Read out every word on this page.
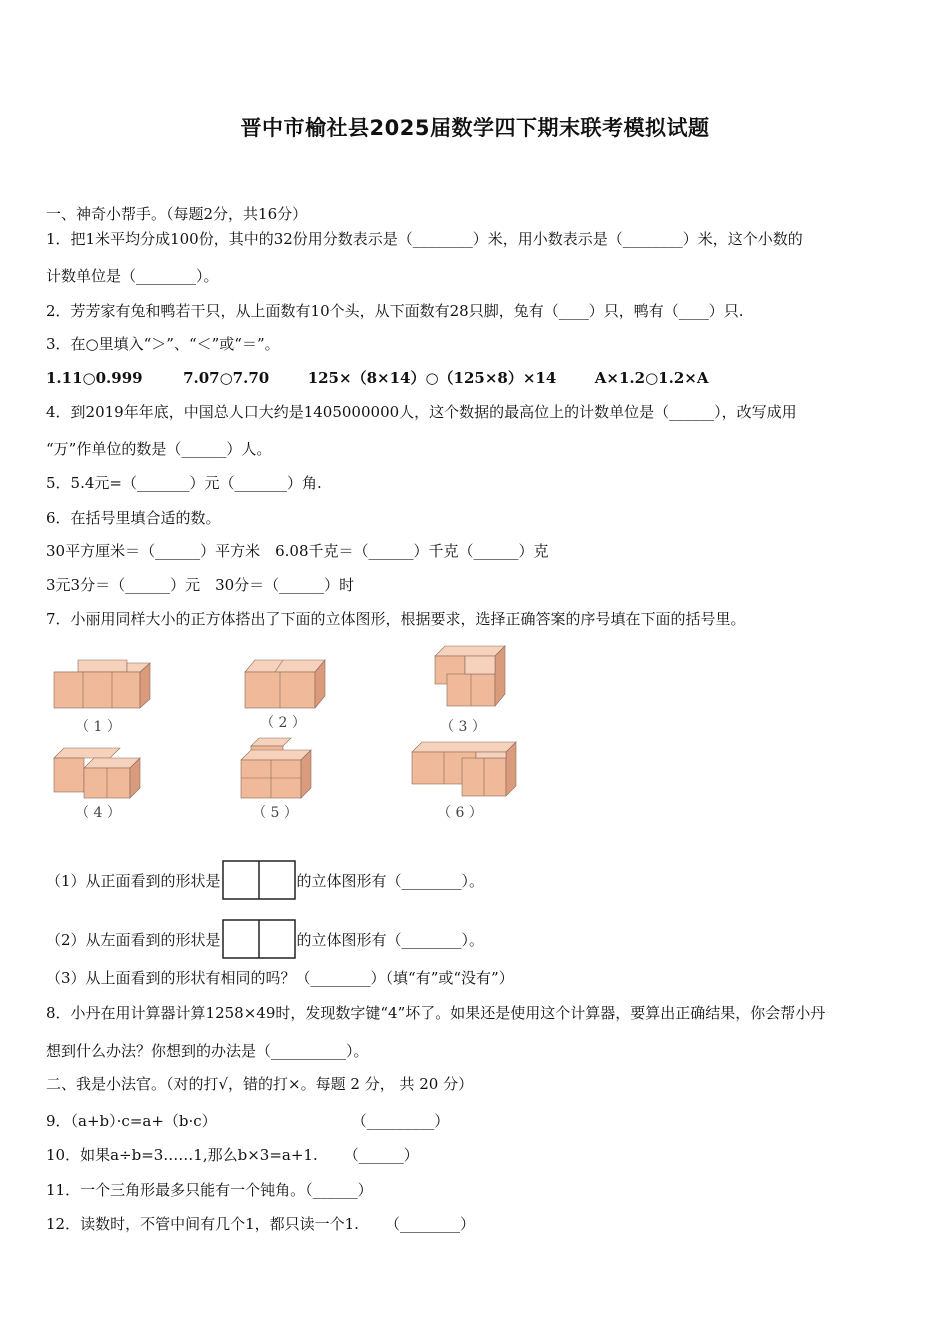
晋中市榆社县2025届数学四下期末联考模拟试题
一、神奇小帮手。（每题2分，共16分）
1．把1米平均分成100份，其中的32份用分数表示是（________）米，用小数表示是（________）米，这个小数的
计数单位是（________）。
2．芳芳家有兔和鸭若干只，从上面数有10个头，从下面数有28只脚，兔有（____）只，鸭有（____）只.
3．在○里填入“＞”、“＜”或“＝”。
1.11○0.999	7.07○7.70	125×（8×14）○（125×8）×14	A×1.2○1.2×A
4．到2019年年底，中国总人口大约是1405000000人，这个数据的最高位上的计数单位是（______），改写成用
“万”作单位的数是（______）人。
5．5.4元=（_______）元（_______）角.
6．在括号里填合适的数。
30平方厘米＝（______）平方米　6.08千克＝（______）千克（______）克
3元3分＝（______）元　30分＝（______）时
7．小丽用同样大小的正方体搭出了下面的立体图形，根据要求，选择正确答案的序号填在下面的括号里。
（ 1 ）	（ 2 ）	（ 3 ）
（ 4 ）	（ 5 ）	（ 6 ）
（1）从正面看到的形状是	的立体图形有（________）。
（2）从左面看到的形状是	的立体图形有（________）。
（3）从上面看到的形状有相同的吗？（________）（填“有”或“没有”）
8．小丹在用计算器计算1258×49时，发现数字键“4”坏了。如果还是使用这个计算器，要算出正确结果，你会帮小丹
想到什么办法？你想到的办法是（__________）。
二、我是小法官。（对的打√，错的打×。每题 2 分， 共 20 分）
9．（a+b）·c=a+（b·c）	（_________）
10．如果a÷b=3……1,那么b×3=a+1. （______）
11．一个三角形最多只能有一个钝角。（______）
12．读数时，不管中间有几个1，都只读一个1. （________）
